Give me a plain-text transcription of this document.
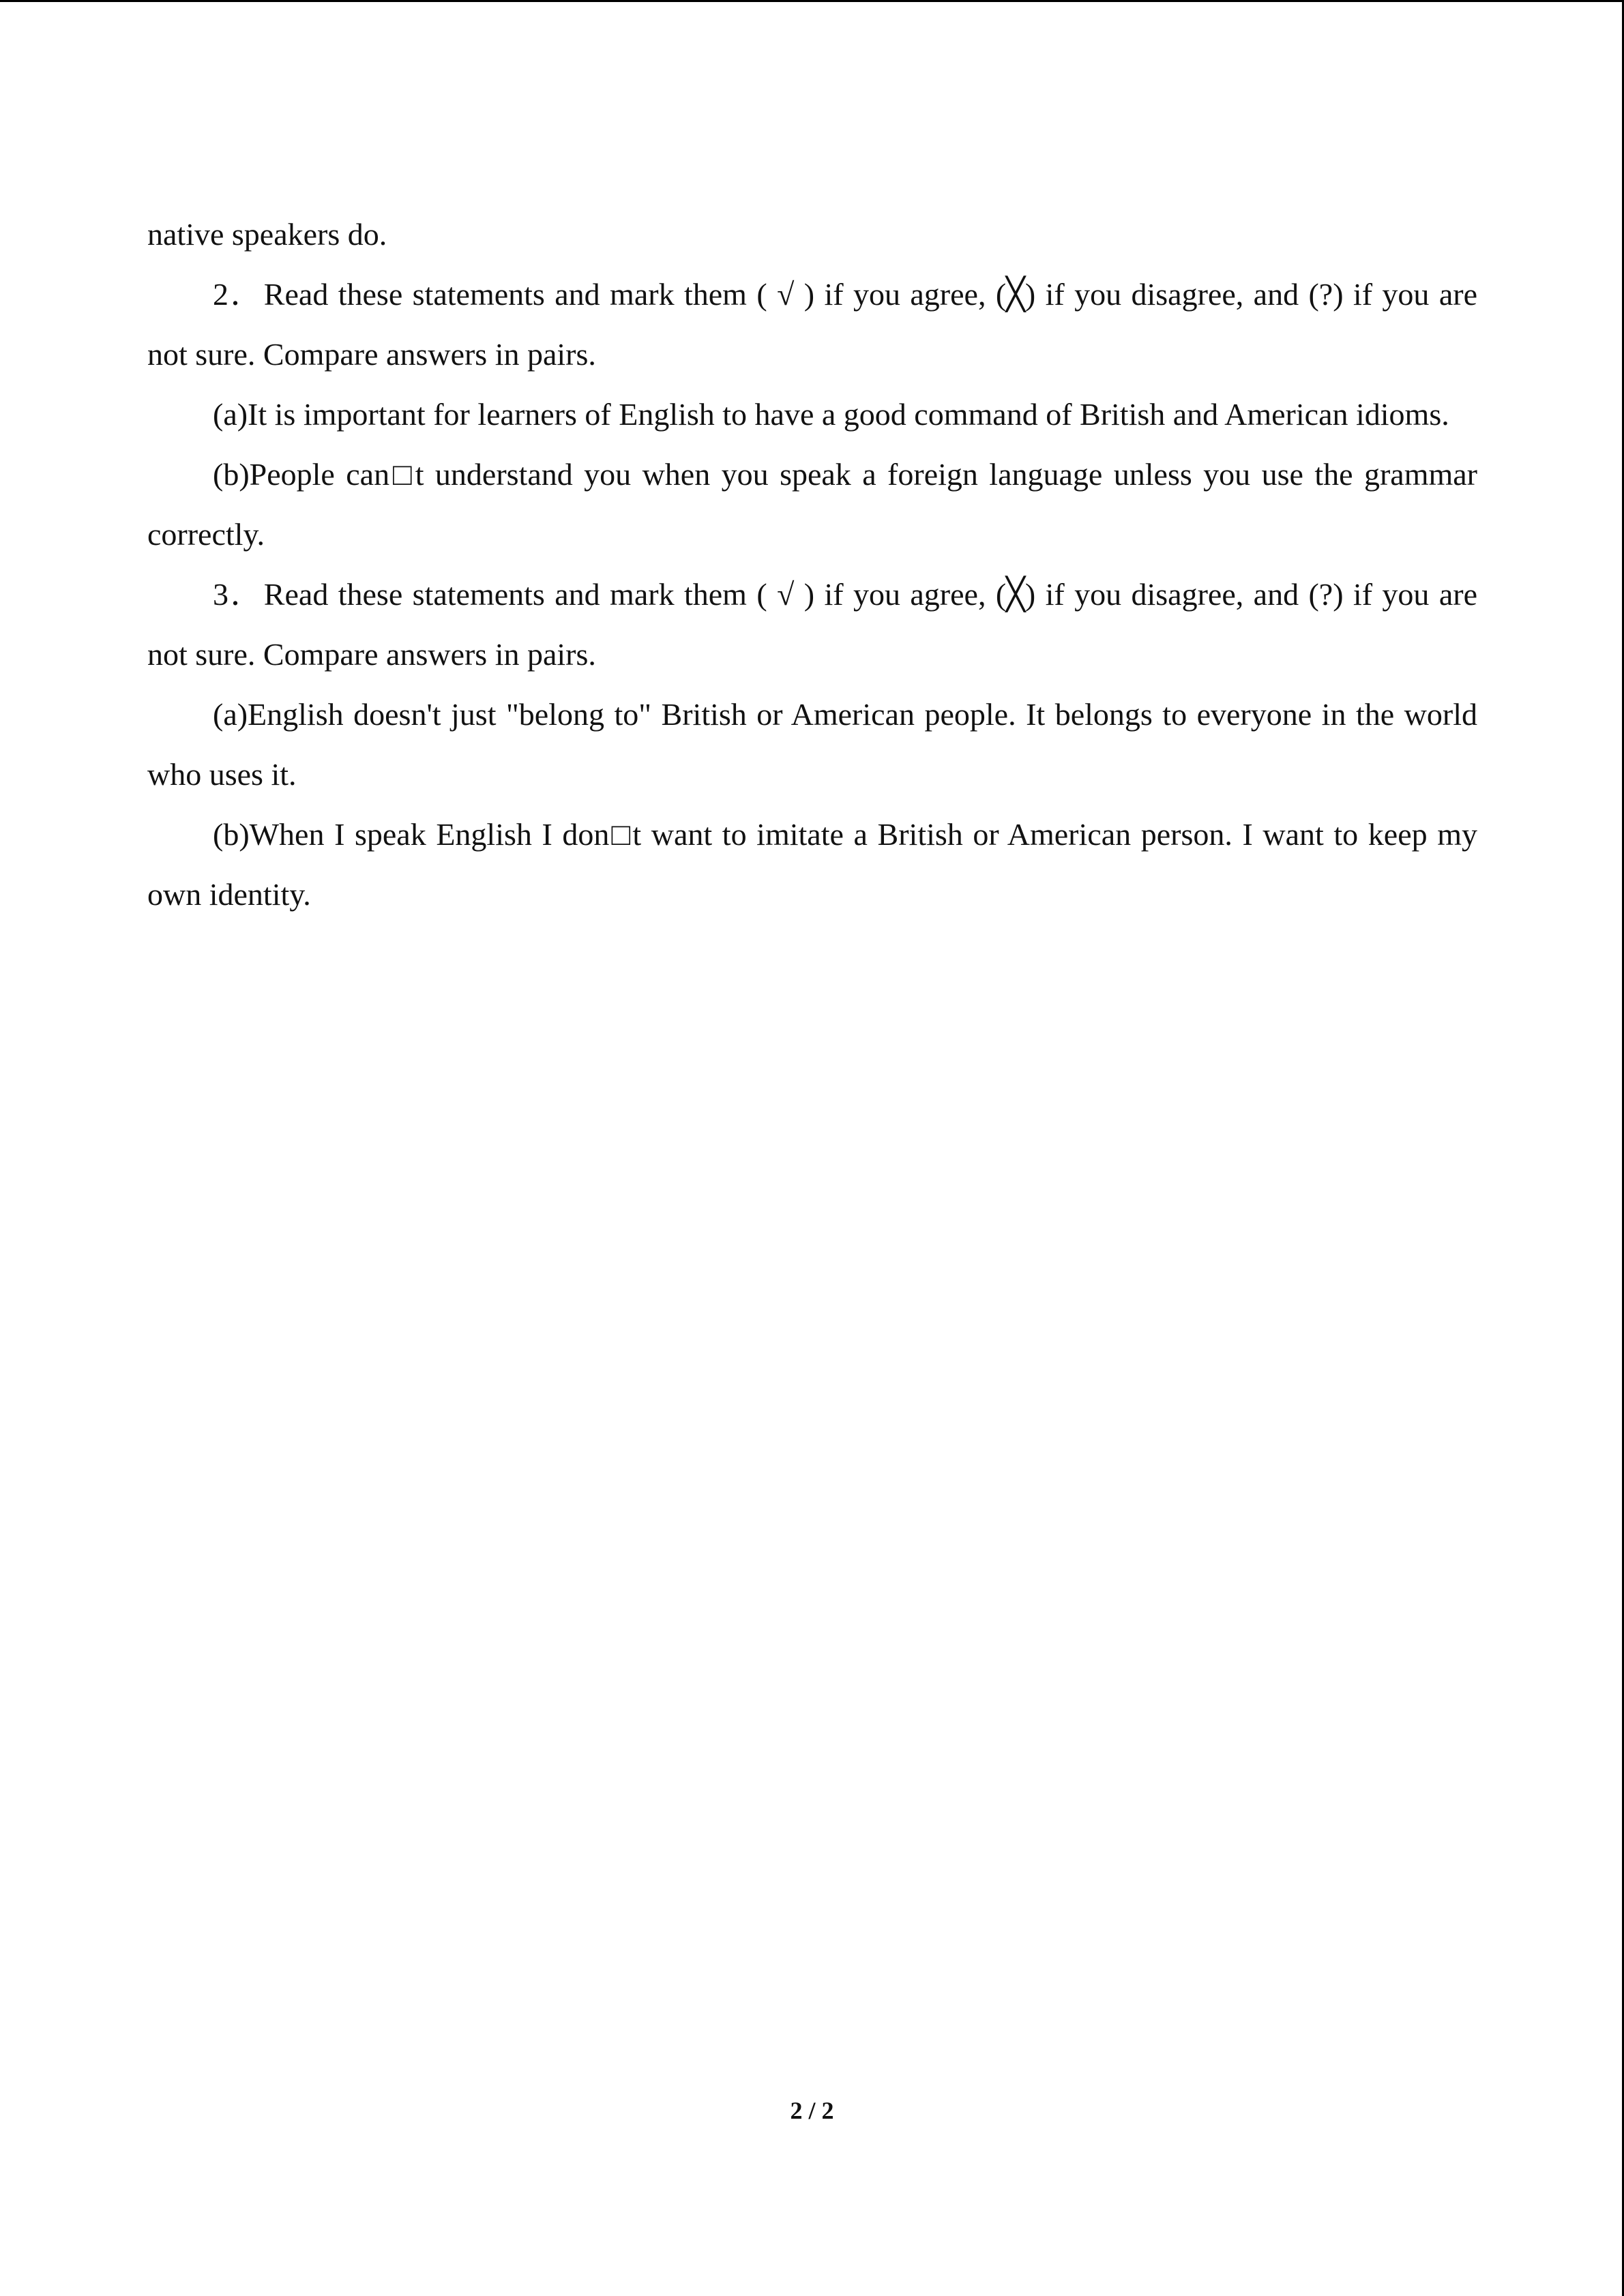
native speakers do.

2．Read these statements and mark them ( √ ) if you agree, (╳) if you disagree, and (?) if you are not sure. Compare answers in pairs.

(a)It is important for learners of English to have a good command of British and American idioms.

(b)People can□t understand you when you speak a foreign language unless you use the grammar correctly.

3．Read these statements and mark them ( √ ) if you agree, (╳) if you disagree, and (?) if you are not sure. Compare answers in pairs.

(a)English doesn't just "belong to" British or American people. It belongs to everyone in the world who uses it.

(b)When I speak English I don□t want to imitate a British or American person. I want to keep my own identity.

2 / 2
